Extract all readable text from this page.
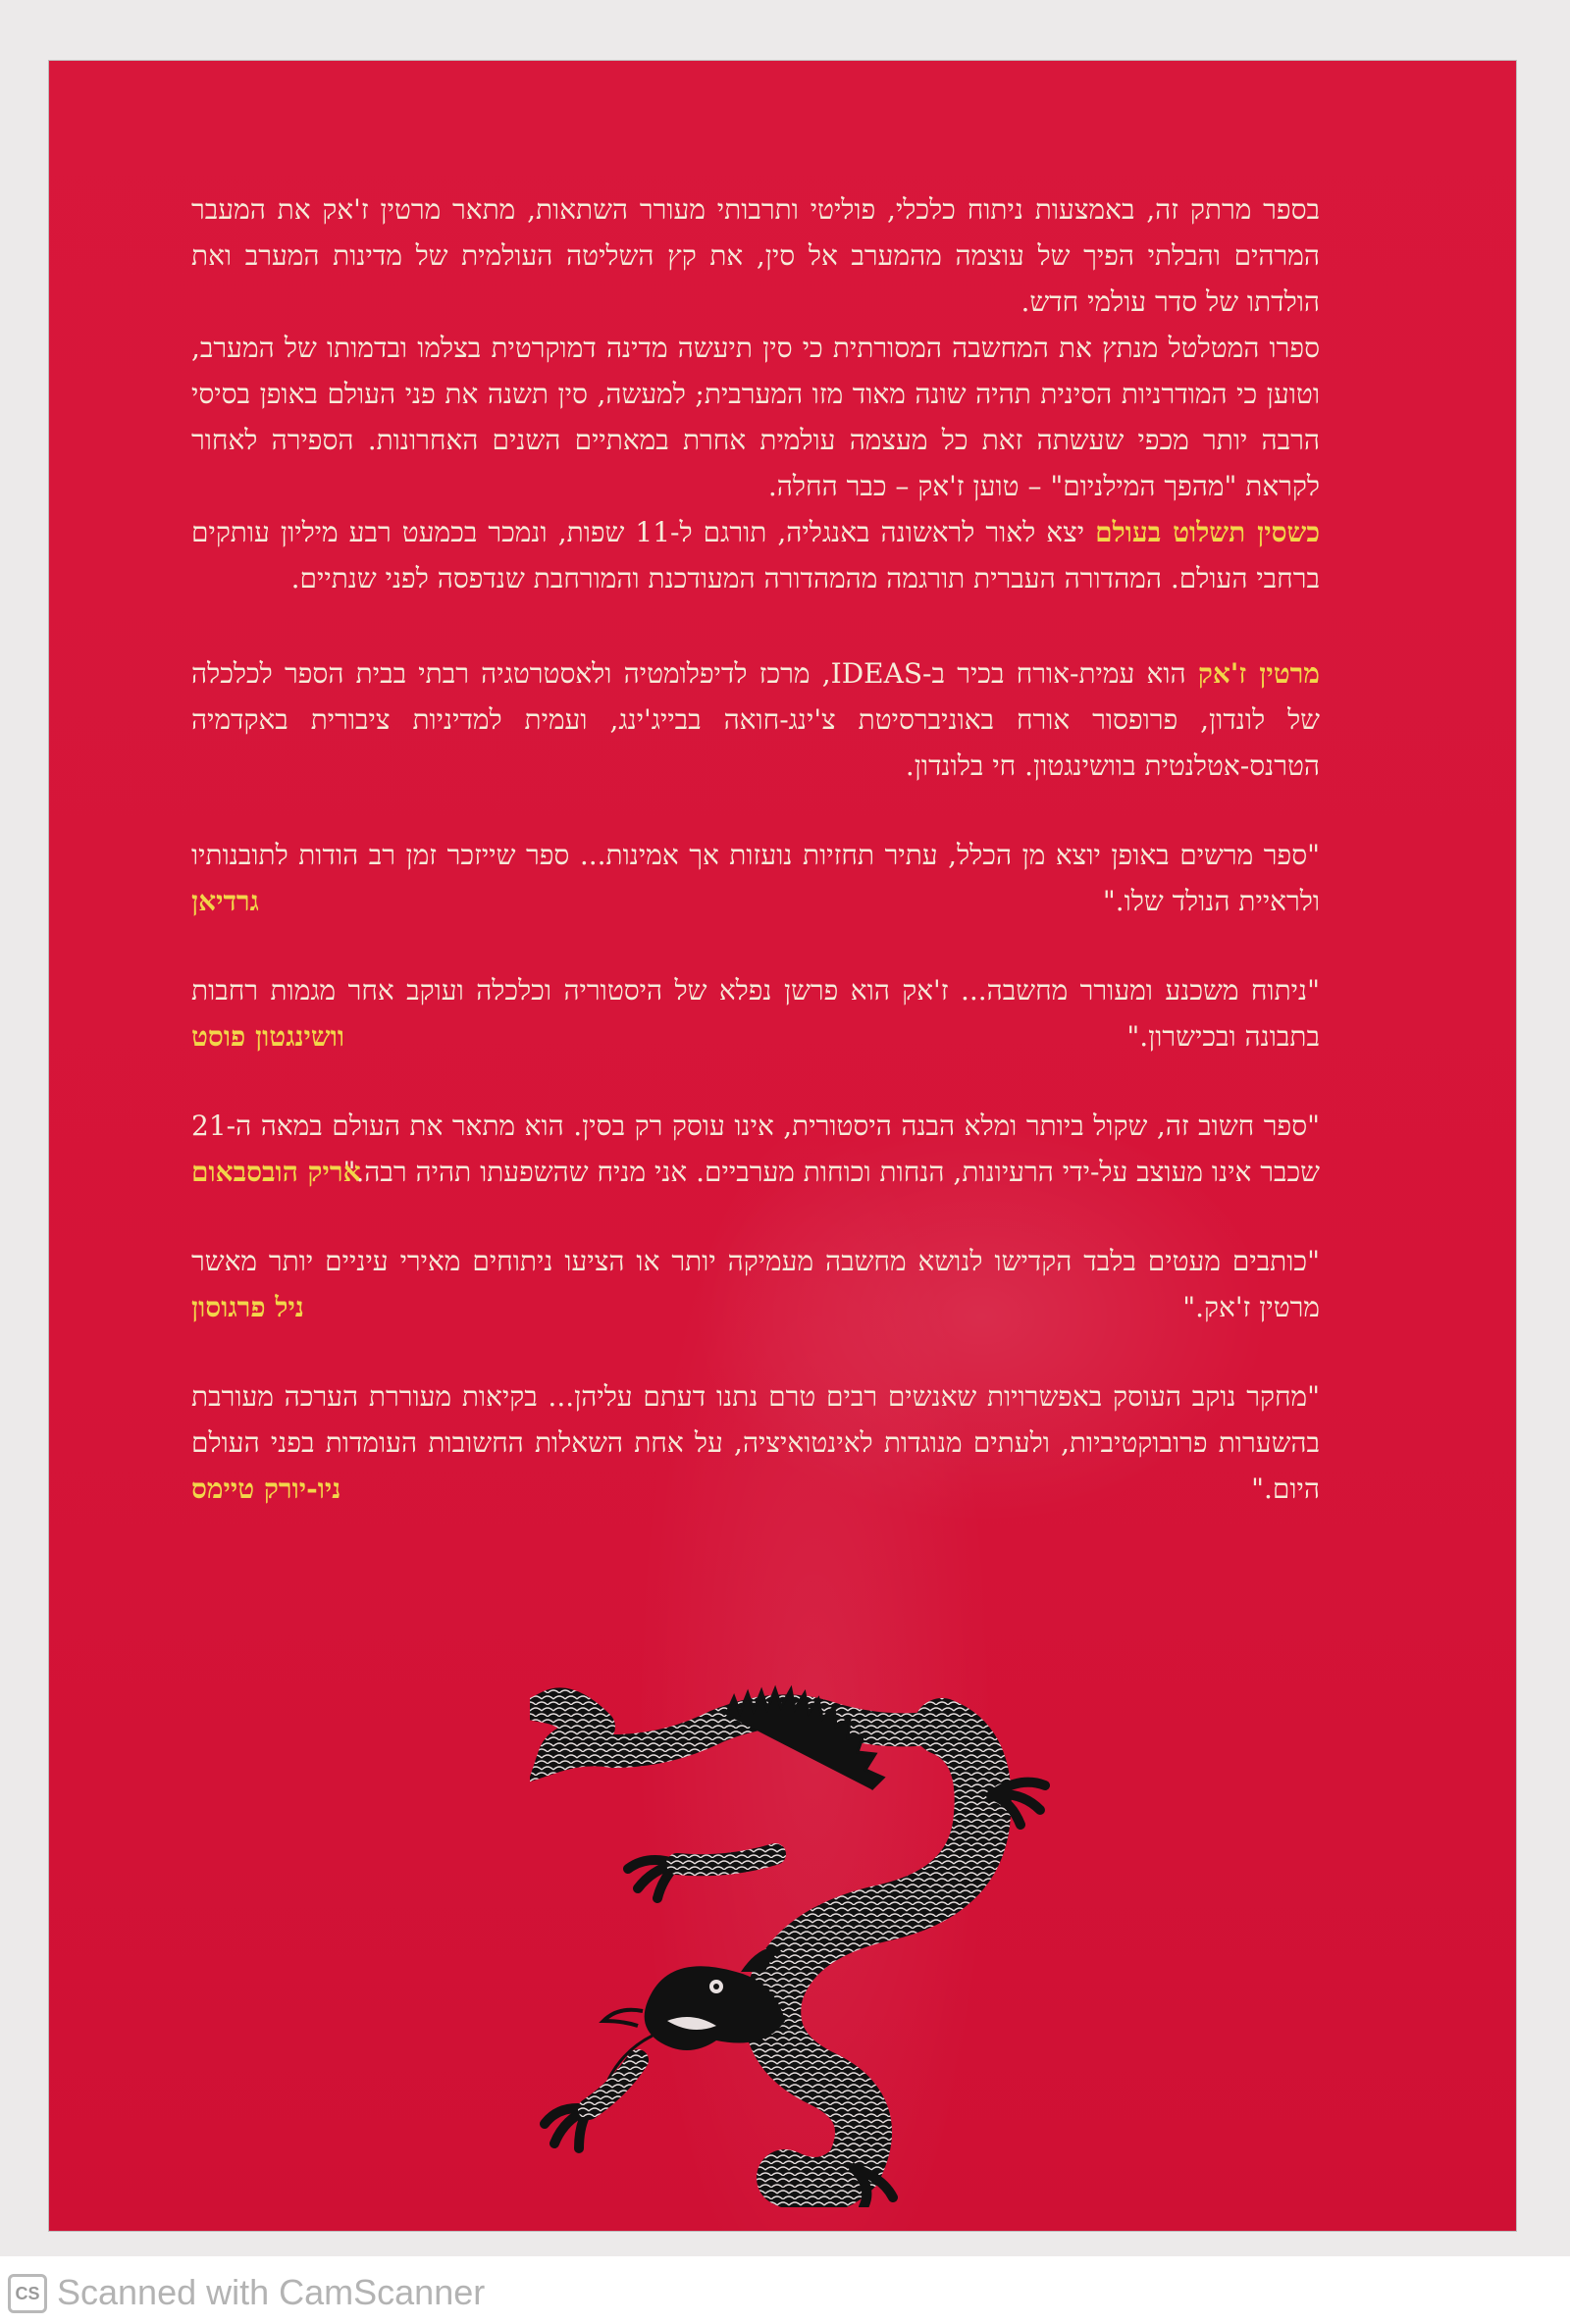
בספר מרתק זה, באמצעות ניתוח כלכלי, פוליטי ותרבותי מעורר השתאות, מתאר מרטין ז'אק את המעבר המרהים והבלתי הפיך של עוצמה מהמערב אל סין, את קץ השליטה העולמית של מדינות המערב ואת הולדתו של סדר עולמי חדש.

ספרו המטלטל מנתץ את המחשבה המסורתית כי סין תיעשה מדינה דמוקרטית בצלמו ובדמותו של המערב, וטוען כי המודרניות הסינית תהיה שונה מאוד מזו המערבית; למעשה, סין תשנה את פני העולם באופן בסיסי הרבה יותר מכפי שעשתה זאת כל מעצמה עולמית אחרת במאתיים השנים האחרונות. הספירה לאחור לקראת "מהפך המילניום" – טוען ז'אק – כבר החלה.

כשסין תשלוט בעולם יצא לאור לראשונה באנגליה, תורגם ל-11 שפות, ונמכר בכמעט רבע מיליון עותקים ברחבי העולם. המהדורה העברית תורגמה מהמהדורה המעודכנת והמורחבת שנדפסה לפני שנתיים.

מרטין ז'אק הוא עמית-אורח בכיר ב-IDEAS, מרכז לדיפלומטיה ולאסטרטגיה רבתי בבית הספר לכלכלה של לונדון, פרופסור אורח באוניברסיטת צ'ינג-חואה בבייג'ינג, ועמית למדיניות ציבורית באקדמיה הטרנס-אטלנטית בוושינגטון. חי בלונדון.

"ספר מרשים באופן יוצא מן הכלל, עתיר תחזיות נועזות אך אמינות... ספר שייזכר זמן רב הודות לתובנותיו ולראיית הנולד שלו."
גרדיאן

"ניתוח משכנע ומעורר מחשבה... ז'אק הוא פרשן נפלא של היסטוריה וכלכלה ועוקב אחר מגמות רחבות בתבונה ובכישרון."
וושינגטון פוסט

"ספר חשוב זה, שקול ביותר ומלא הבנה היסטורית, אינו עוסק רק בסין. הוא מתאר את העולם במאה ה-21 שכבר אינו מעוצב על-ידי הרעיונות, הנחות וכוחות מערביים. אני מניח שהשפעתו תהיה רבה."
אריק הובסבאום

"כותבים מעטים בלבד הקדישו לנושא מחשבה מעמיקה יותר או הציעו ניתוחים מאירי עיניים יותר מאשר מרטין ז'אק."
ניל פרגוסון

"מחקר נוקב העוסק באפשרויות שאנשים רבים טרם נתנו דעתם עליהן... בקיאות מעוררת הערכה מעורבת בהשערות פרובוקטיביות, ולעתים מנוגדות לאינטואיציה, על אחת השאלות החשובות העומדות בפני העולם היום."
ניו-יורק טיימס

CS Scanned with CamScanner
